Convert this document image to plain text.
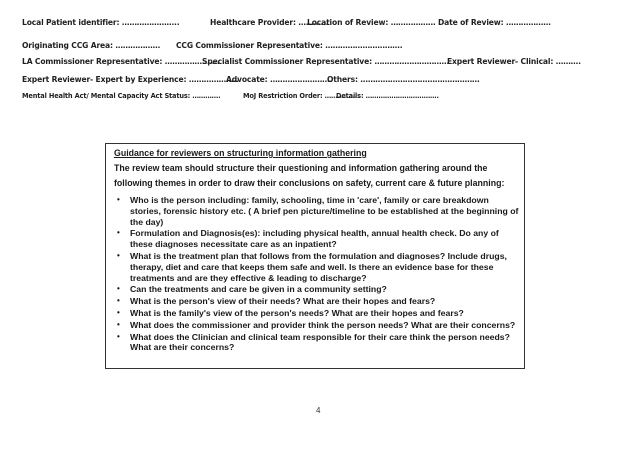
Local Patient identifier: …………………..	Healthcare Provider: …………
Location of Review: ……………… Date of Review: ………………
Originating CCG Area: ……………… CCG Commissioner Representative: ………………………….
LA Commissioner Representative: ………………….
Specialist Commissioner Representative: …………………………
Expert Reviewer- Clinical: ……….
Expert Reviewer- Expert by Experience: …………………
Advocate: …………………….
Others: …………………………………………
Mental Health Act/ Mental Capacity Act Status: ………….	MoJ Restriction Order: …………….
Details: …………………………….
Guidance for reviewers on structuring information gathering
The review team should structure their questioning and information gathering around the following themes in order to draw their conclusions on safety, current care & future planning:
• Who is the person including: family, schooling, time in 'care', family or care breakdown stories, forensic history etc. ( A brief pen picture/timeline to be established at the beginning of the day)
• Formulation and Diagnosis(es): including physical health, annual health check. Do any of these diagnoses necessitate care as an inpatient?
• What is the treatment plan that follows from the formulation and diagnoses? Include drugs, therapy, diet and care that keeps them safe and well. Is there an evidence base for these treatments and are they effective & leading to discharge?
• Can the treatments and care be given in a community setting?
• What is the person's view of their needs? What are their hopes and fears?
• What is the family's view of the person's needs? What are their hopes and fears?
• What does the commissioner and provider think the person needs? What are their concerns?
• What does the Clinician and clinical team responsible for their care think the person needs? What are their concerns?
4
